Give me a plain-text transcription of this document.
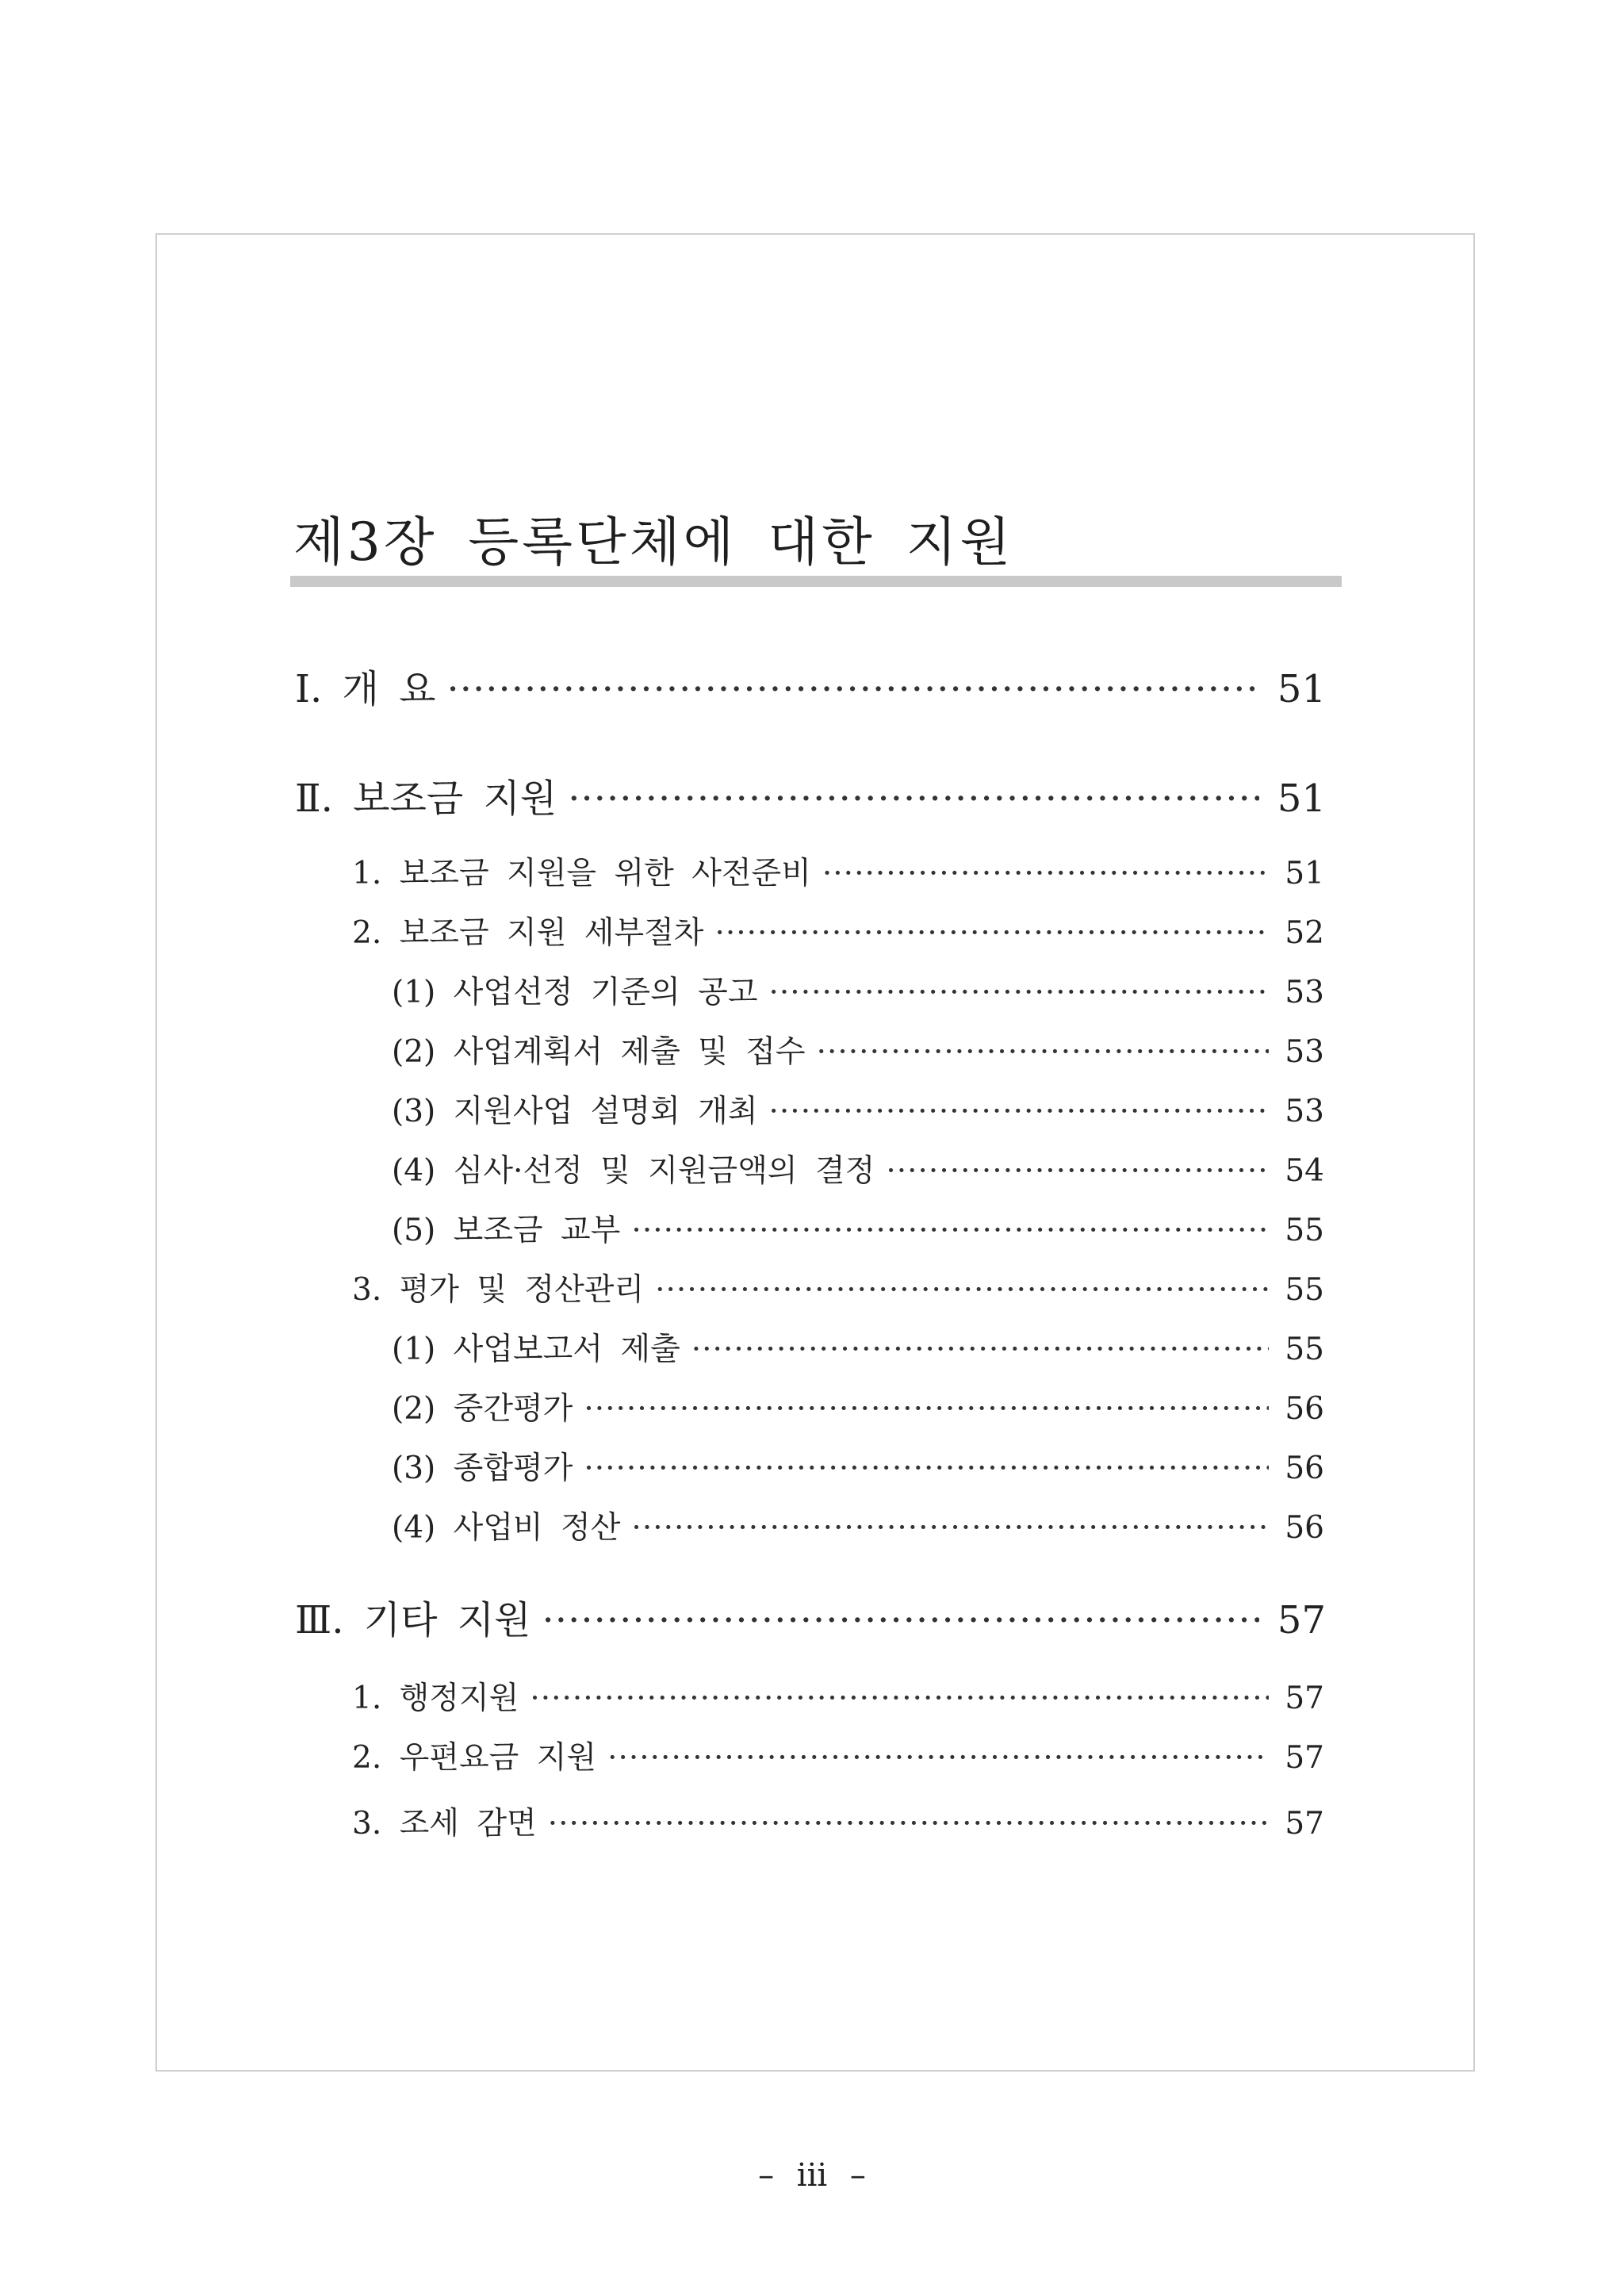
제3장 등록단체에 대한 지원
Ⅰ. 개 요 ·····	51
Ⅱ. 보조금 지원 ·····	51
1. 보조금 지원을 위한 사전준비 ·····	51
2. 보조금 지원 세부절차 ·····	52
(1) 사업선정 기준의 공고 ·····	53
(2) 사업계획서 제출 및 접수 ·····	53
(3) 지원사업 설명회 개최 ·····	53
(4) 심사·선정 및 지원금액의 결정 ·····	54
(5) 보조금 교부 ·····	55
3. 평가 및 정산관리 ·····	55
(1) 사업보고서 제출 ·····	55
(2) 중간평가 ·····	56
(3) 종합평가 ·····	56
(4) 사업비 정산 ·····	56
Ⅲ. 기타 지원 ·····	57
1. 행정지원 ·····	57
2. 우편요금 지원 ·····	57
3. 조세 감면 ·····	57
– iii –
